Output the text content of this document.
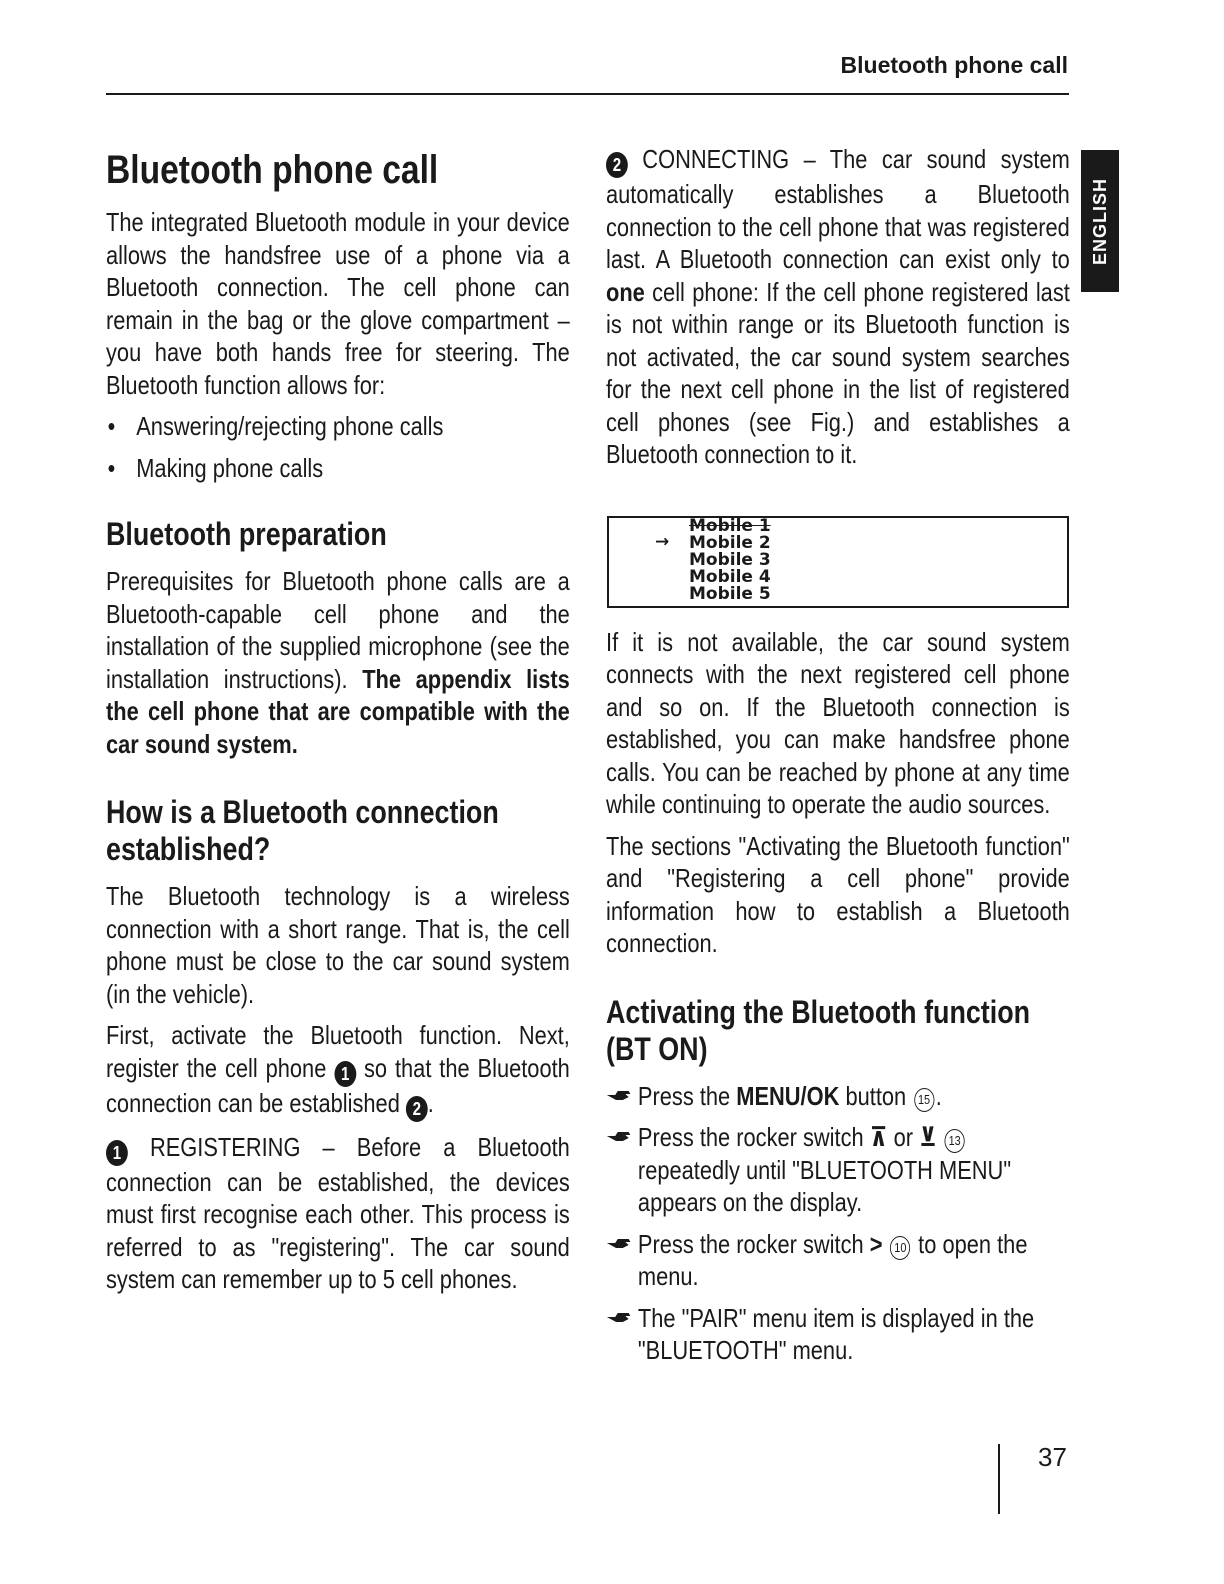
Bluetooth phone call
ENGLISH
Bluetooth phone call

The integrated Bluetooth module in your device allows the handsfree use of a phone via a Bluetooth connection. The cell phone can remain in the bag or the glove compartment – you have both hands free for steering. The Bluetooth function allows for:

• Answering/rejecting phone calls
• Making phone calls
Bluetooth preparation

Prerequisites for Bluetooth phone calls are a Bluetooth-capable cell phone and the installation of the supplied microphone (see the installation instructions). The appendix lists the cell phone that are compatible with the car sound system.

How is a Bluetooth connection established?

The Bluetooth technology is a wireless connection with a short range. That is, the cell phone must be close to the car sound system (in the vehicle).

First, activate the Bluetooth function. Next, register the cell phone 1 so that the Bluetooth connection can be established 2 .

1 REGISTERING – Before a Bluetooth connection can be established, the devices must first recognise each other. This process is referred to as "registering". The car sound system can remember up to 5 cell phones.

2 CONNECTING – The car sound system automatically establishes a Bluetooth connection to the cell phone that was registered last. A Bluetooth connection can exist only to one cell phone: If the cell phone registered last is not within range or its Bluetooth function is not activated, the car sound system searches for the next cell phone in the list of registered cell phones (see Fig.) and establishes a Bluetooth connection to it.

→
Mobile 1
Mobile 2
Mobile 3
Mobile 4
Mobile 5

If it is not available, the car sound system connects with the next registered cell phone and so on. If the Bluetooth connection is established, you can make handsfree phone calls. You can be reached by phone at any time while continuing to operate the audio sources.

The sections "Activating the Bluetooth function" and "Registering a cell phone" provide information how to establish a Bluetooth connection.

Activating the Bluetooth function (BT ON)
Press the MENU/OK button 15 .
Press the rocker switch ⊼ or ⊻ 13 repeatedly until "BLUETOOTH MENU" appears on the display.
Press the rocker switch > 10 to open the menu.
The "PAIR" menu item is displayed in the "BLUETOOTH" menu.
37
